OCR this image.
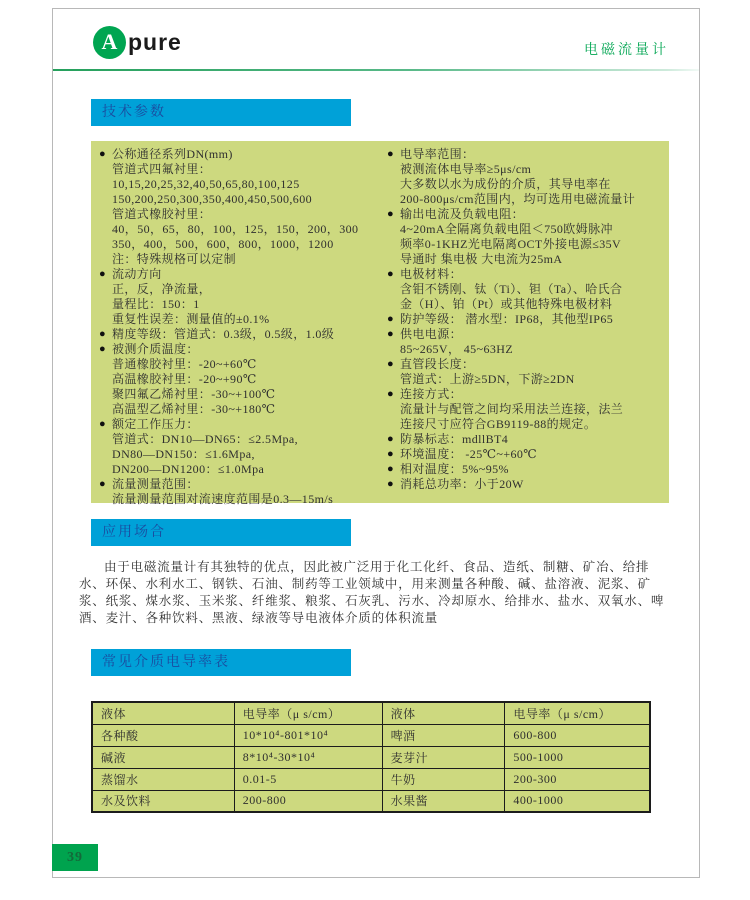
A pure	电磁流量计
技术参数
● 公称通径系列DN(mm)
管道式四氟衬里：
10,15,20,25,32,40,50,65,80,100,125
150,200,250,300,350,400,450,500,600
管道式橡胶衬里：
40，50，65，80，100，125，150，200，300
350，400，500，600，800，1000，1200
注：特殊规格可以定制
● 流动方向
正，反，净流量，
量程比：150：1
重复性误差：测量值的±0.1%
● 精度等级：管道式：0.3级，0.5级，1.0级
● 被测介质温度：
普通橡胶衬里：-20~+60℃
高温橡胶衬里：-20~+90℃
聚四氟乙烯衬里：-30~+100℃
高温型乙烯衬里：-30~+180℃
● 额定工作压力：
管道式：DN10—DN65：≤2.5Mpa,
DN80—DN150：≤1.6Mpa,
DN200—DN1200：≤1.0Mpa
● 流量测量范围：
流量测量范围对流速度范围是0.3—15m/s
● 电导率范围：
被测流体电导率≥5μs/cm
大多数以水为成份的介质，其导电率在
200-800μs/cm范围内，均可选用电磁流量计
● 输出电流及负载电阻：
4~20mA全隔离负载电阻＜750欧姆脉冲
频率0-1KHZ光电隔离OCT外接电源≤35V
导通时 集电极 大电流为25mA
● 电极材料：
含钼不锈刚、钛（Ti）、钽（Ta）、哈氏合
金（H）、铂（Pt）或其他特殊电极材料
● 防护等级： 潜水型：IP68，其他型IP65
● 供电电源：
85~265V， 45~63HZ
● 直管段长度：
管道式：上游≥5DN，下游≥2DN
● 连接方式：
流量计与配管之间均采用法兰连接，法兰
连接尺寸应符合GB9119-88的规定。
● 防暴标志：mdllBT4
● 环境温度： -25℃~+60℃
● 相对温度：5%~95%
● 消耗总功率：小于20W
应用场合

由于电磁流量计有其独特的优点，因此被广泛用于化工化纤、食品、造纸、制糖、矿冶、给排水、环保、水利水工、钢铁、石油、制药等工业领域中，用来测量各种酸、碱、盐溶液、泥浆、矿浆、纸浆、煤水浆、玉米浆、纤维浆、粮浆、石灰乳、污水、冷却原水、给排水、盐水、双氧水、啤酒、麦汁、各种饮料、黑液、绿液等导电液体介质的体积流量

常见介质电导率表
液体	电导率（μ s/cm）	液体	电导率（μ s/cm）
各种酸	10*10⁴-801*10⁴	啤酒	600-800
碱液	8*10⁴-30*10⁴	麦芽汁	500-1000
蒸馏水	0.01-5	牛奶	200-300
水及饮料	200-800	水果酱	400-1000
39
